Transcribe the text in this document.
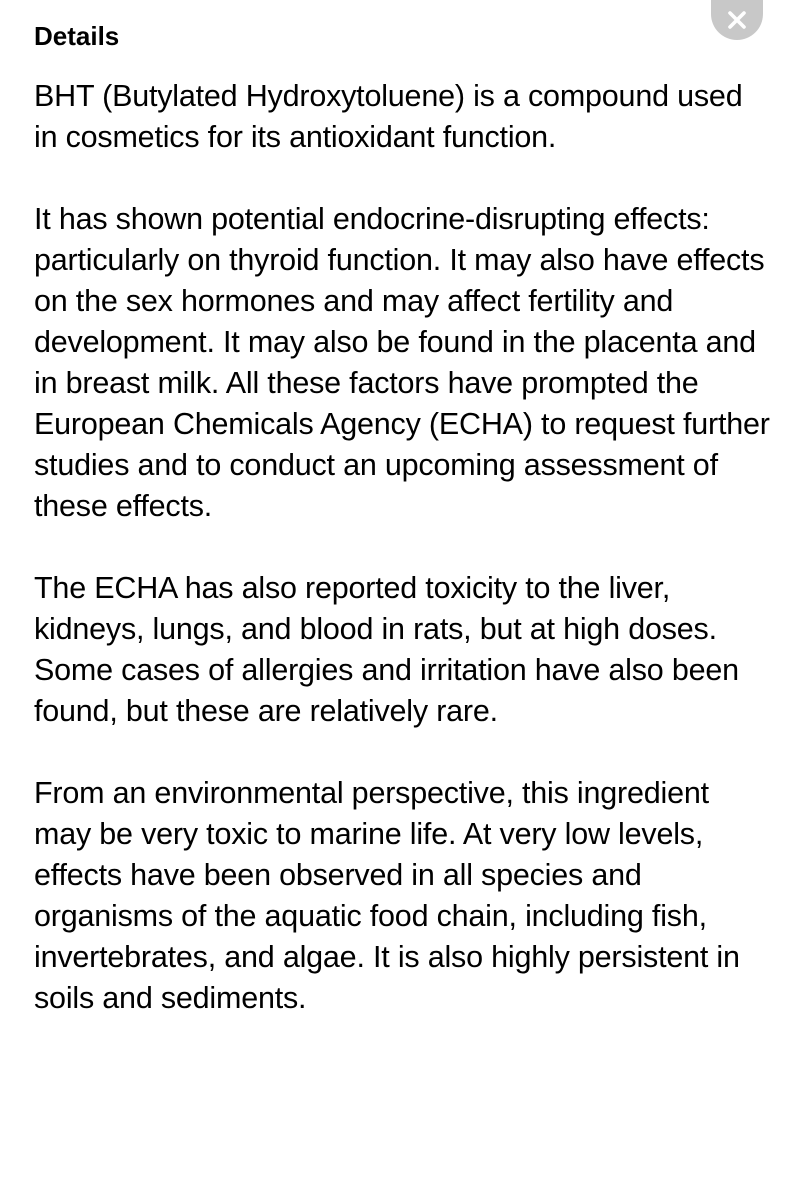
Details

BHT (Butylated Hydroxytoluene) is a compound used in cosmetics for its antioxidant function.

It has shown potential endocrine-disrupting effects: particularly on thyroid function. It may also have effects on the sex hormones and may affect fertility and development. It may also be found in the placenta and in breast milk. All these factors have prompted the European Chemicals Agency (ECHA) to request further studies and to conduct an upcoming assessment of these effects.

The ECHA has also reported toxicity to the liver, kidneys, lungs, and blood in rats, but at high doses. Some cases of allergies and irritation have also been found, but these are relatively rare.

From an environmental perspective, this ingredient may be very toxic to marine life. At very low levels, effects have been observed in all species and organisms of the aquatic food chain, including fish, invertebrates, and algae. It is also highly persistent in soils and sediments.
